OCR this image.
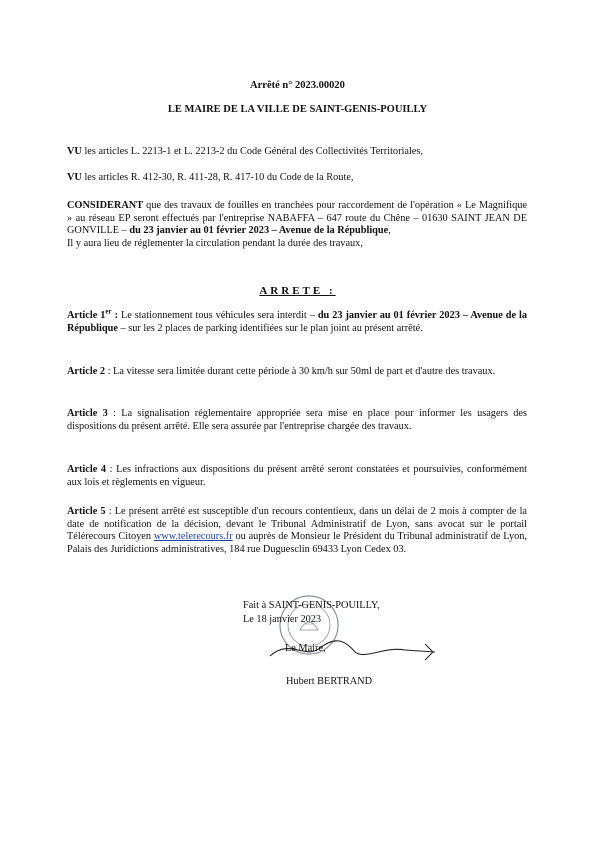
Arrêté n° 2023.00020
LE MAIRE DE LA VILLE DE SAINT-GENIS-POUILLY
VU les articles L. 2213-1 et L. 2213-2 du Code Général des Collectivités Territoriales,
VU les articles R. 412-30, R. 411-28, R. 417-10 du Code de la Route,
CONSIDERANT que des travaux de fouilles en tranchées pour raccordement de l'opération « Le Magnifique » au réseau EP seront effectués par l'entreprise NABAFFA – 647 route du Chêne – 01630 SAINT JEAN DE GONVILLE – du 23 janvier au 01 février 2023 – Avenue de la République,
Il y aura lieu de réglementer la circulation pendant la durée des travaux,
ARRETE :
Article 1er : Le stationnement tous véhicules sera interdit – du 23 janvier au 01 février 2023 – Avenue de la République – sur les 2 places de parking identifiées sur le plan joint au présent arrêté.
Article 2 : La vitesse sera limitée durant cette période à 30 km/h sur 50ml de part et d'autre des travaux.
Article 3 : La signalisation réglementaire appropriée sera mise en place pour informer les usagers des dispositions du présent arrêté. Elle sera assurée par l'entreprise chargée des travaux.
Article 4 : Les infractions aux dispositions du présent arrêté seront constatées et poursuivies, conformément aux lois et règlements en vigueur.
Article 5 : Le présent arrêté est susceptible d'un recours contentieux, dans un délai de 2 mois à compter de la date de notification de la décision, devant le Tribunal Administratif de Lyon, sans avocat sur le portail Télérecours Citoyen www.telerecours.fr ou auprès de Monsieur le Président du Tribunal administratif de Lyon, Palais des Juridictions administratives, 184 rue Duguesclin 69433 Lyon Cedex 03.
Fait à SAINT-GENIS-POUILLY,
Le 18 janvier 2023
Le Maire,
Hubert BERTRAND
